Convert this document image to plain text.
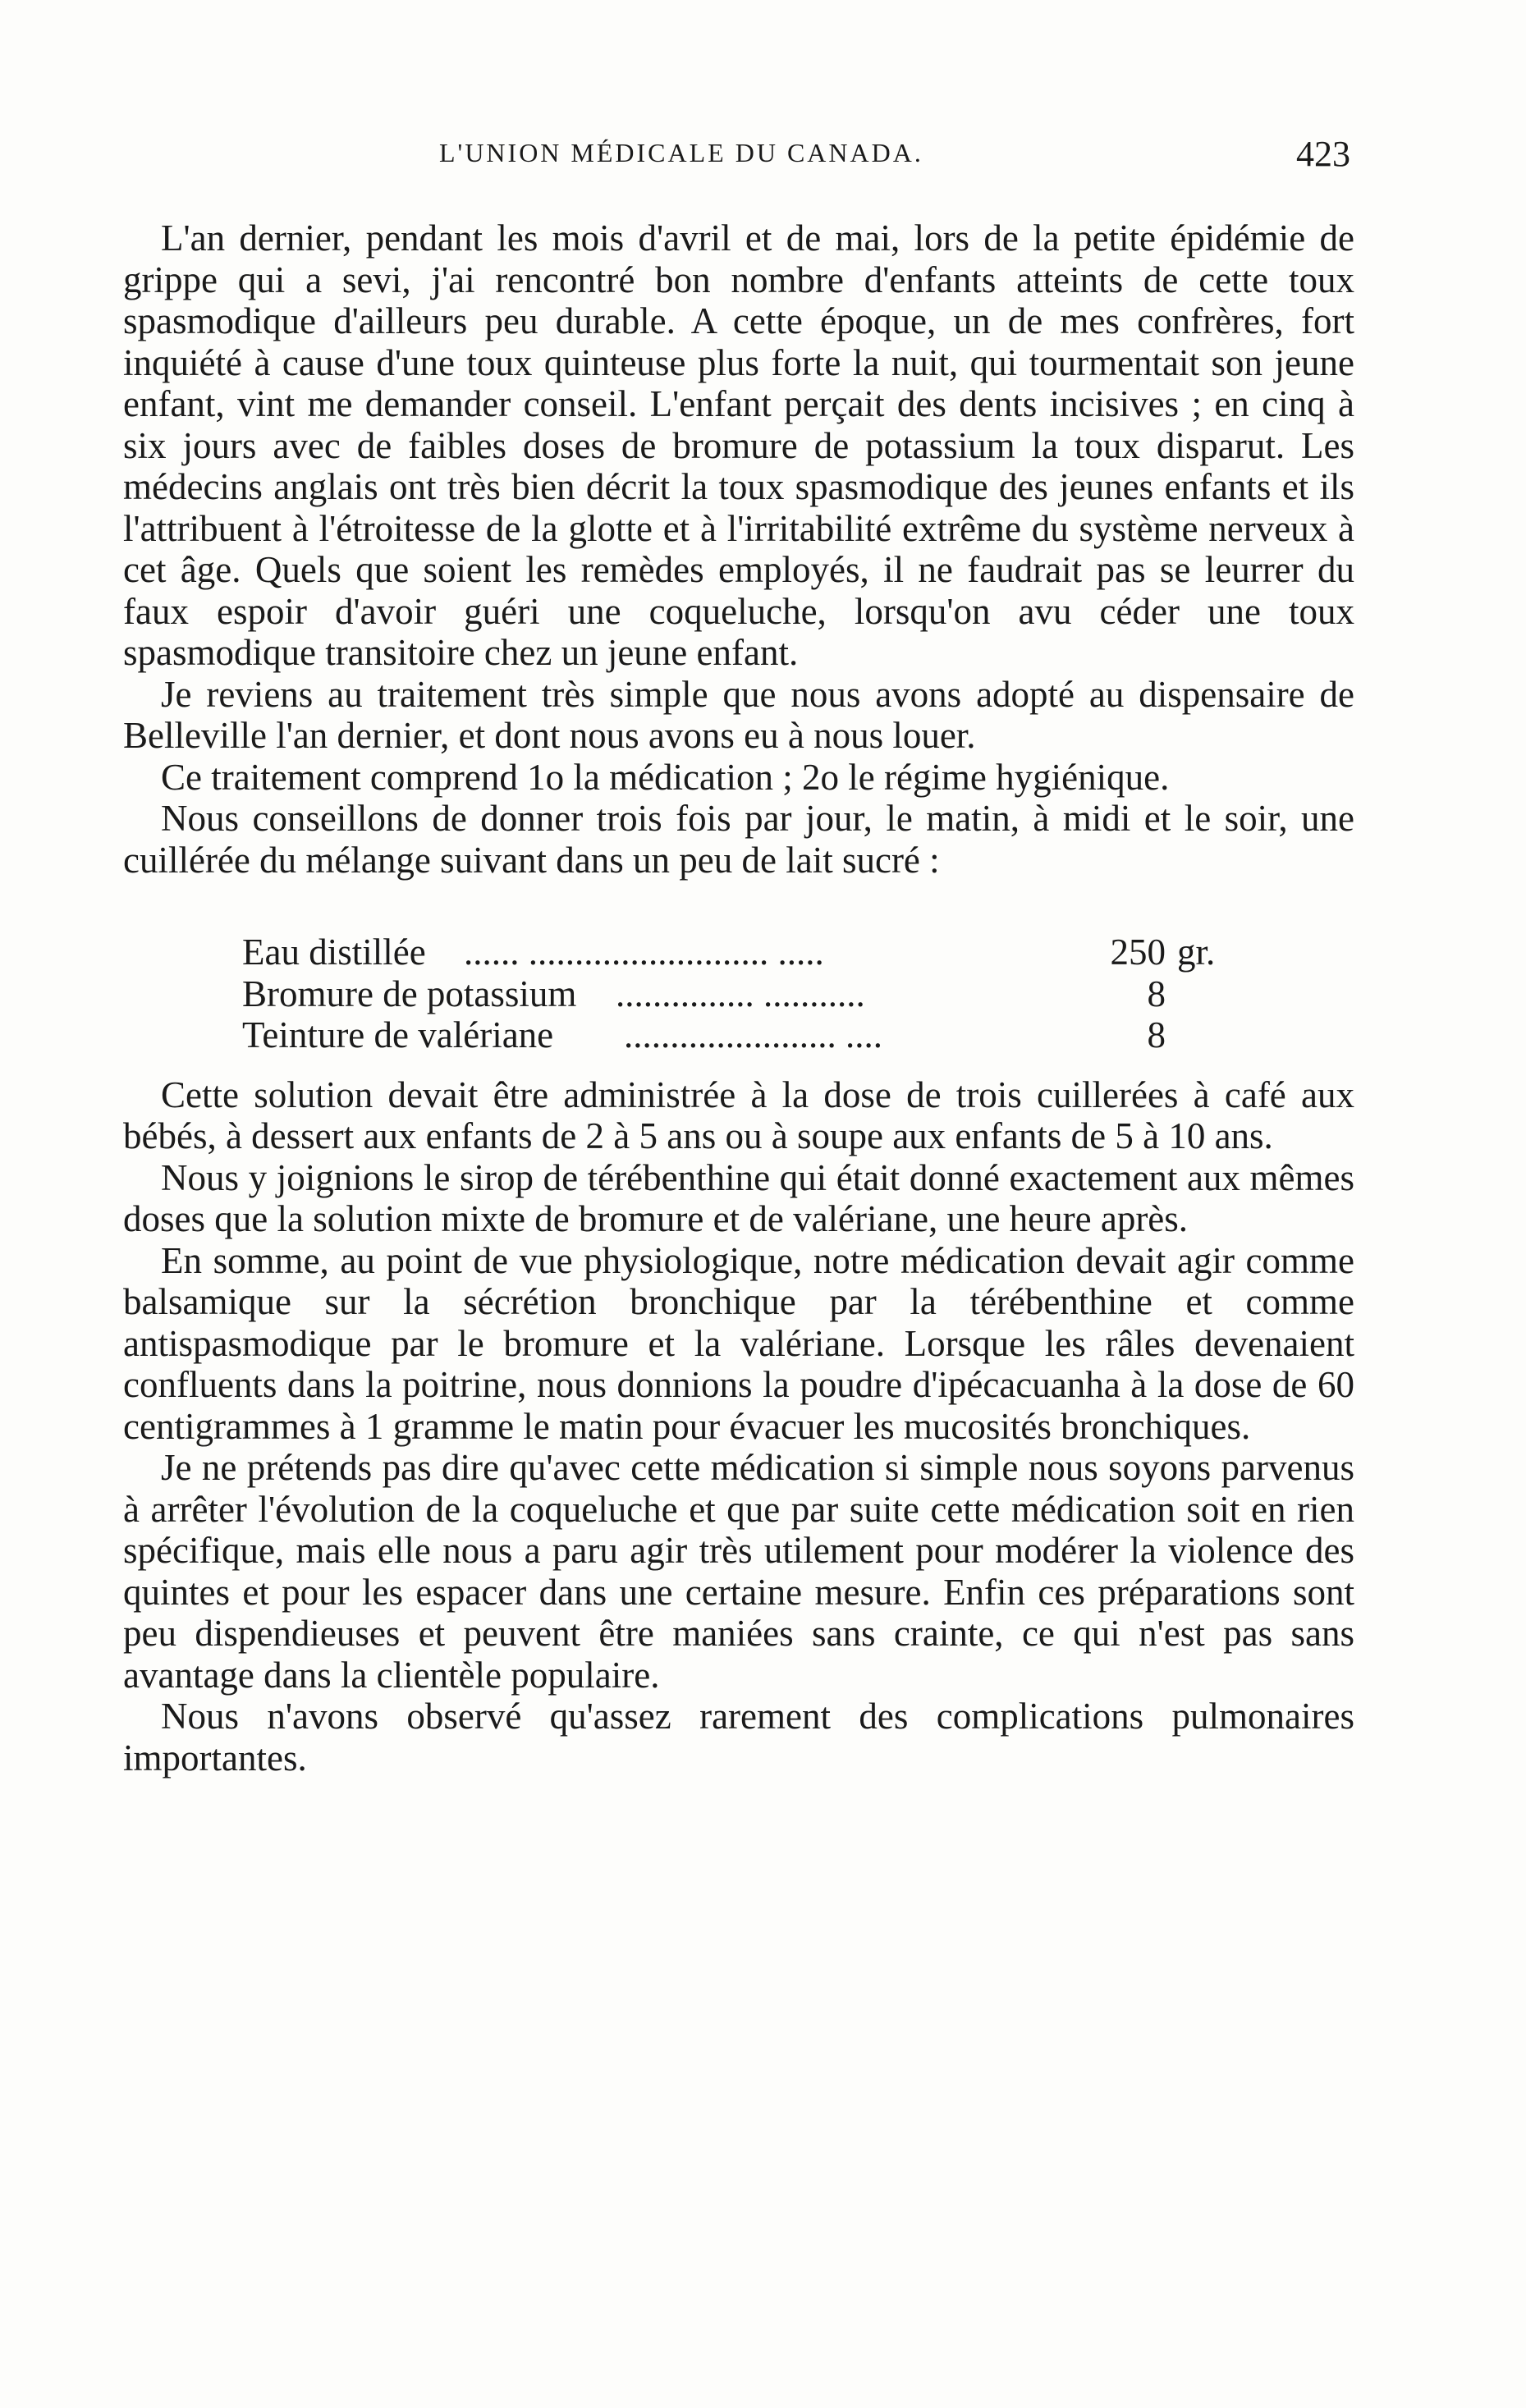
L'UNION MÉDICALE DU CANADA.	423

L'an dernier, pendant les mois d'avril et de mai, lors de la petite épidémie de grippe qui a sevi, j'ai rencontré bon nombre d'enfants atteints de cette toux spasmodique d'ailleurs peu durable. A cette époque, un de mes confrères, fort inquiété à cause d'une toux quinteuse plus forte la nuit, qui tourmentait son jeune enfant, vint me demander conseil. L'enfant perçait des dents incisives ; en cinq à six jours avec de faibles doses de bromure de potassium la toux disparut. Les médecins anglais ont très bien décrit la toux spasmodique des jeunes enfants et ils l'attribuent à l'étroitesse de la glotte et à l'irritabilité extrême du système nerveux à cet âge. Quels que soient les remèdes employés, il ne faudrait pas se leurrer du faux espoir d'avoir guéri une coqueluche, lorsqu'on avu céder une toux spasmodique transitoire chez un jeune enfant.

Je reviens au traitement très simple que nous avons adopté au dispensaire de Belleville l'an dernier, et dont nous avons eu à nous louer.

Ce traitement comprend 1o la médication ; 2o le régime hygiénique.

Nous conseillons de donner trois fois par jour, le matin, à midi et le soir, une cuillérée du mélange suivant dans un peu de lait sucré :

Eau distillée ...... .......................... .....	250 gr.
Bromure de potassium ............... ...........	8
Teinture de valériane ....................... ....	8

Cette solution devait être administrée à la dose de trois cuillerées à café aux bébés, à dessert aux enfants de 2 à 5 ans ou à soupe aux enfants de 5 à 10 ans.

Nous y joignions le sirop de térébenthine qui était donné exactement aux mêmes doses que la solution mixte de bromure et de valériane, une heure après.

En somme, au point de vue physiologique, notre médication devait agir comme balsamique sur la sécrétion bronchique par la térébenthine et comme antispasmodique par le bromure et la valériane. Lorsque les râles devenaient confluents dans la poitrine, nous donnions la poudre d'ipécacuanha à la dose de 60 centigrammes à 1 gramme le matin pour évacuer les mucosités bronchiques.

Je ne prétends pas dire qu'avec cette médication si simple nous soyons parvenus à arrêter l'évolution de la coqueluche et que par suite cette médication soit en rien spécifique, mais elle nous a paru agir très utilement pour modérer la violence des quintes et pour les espacer dans une certaine mesure. Enfin ces préparations sont peu dispendieuses et peuvent être maniées sans crainte, ce qui n'est pas sans avantage dans la clientèle populaire.

Nous n'avons observé qu'assez rarement des complications pulmonaires importantes.
